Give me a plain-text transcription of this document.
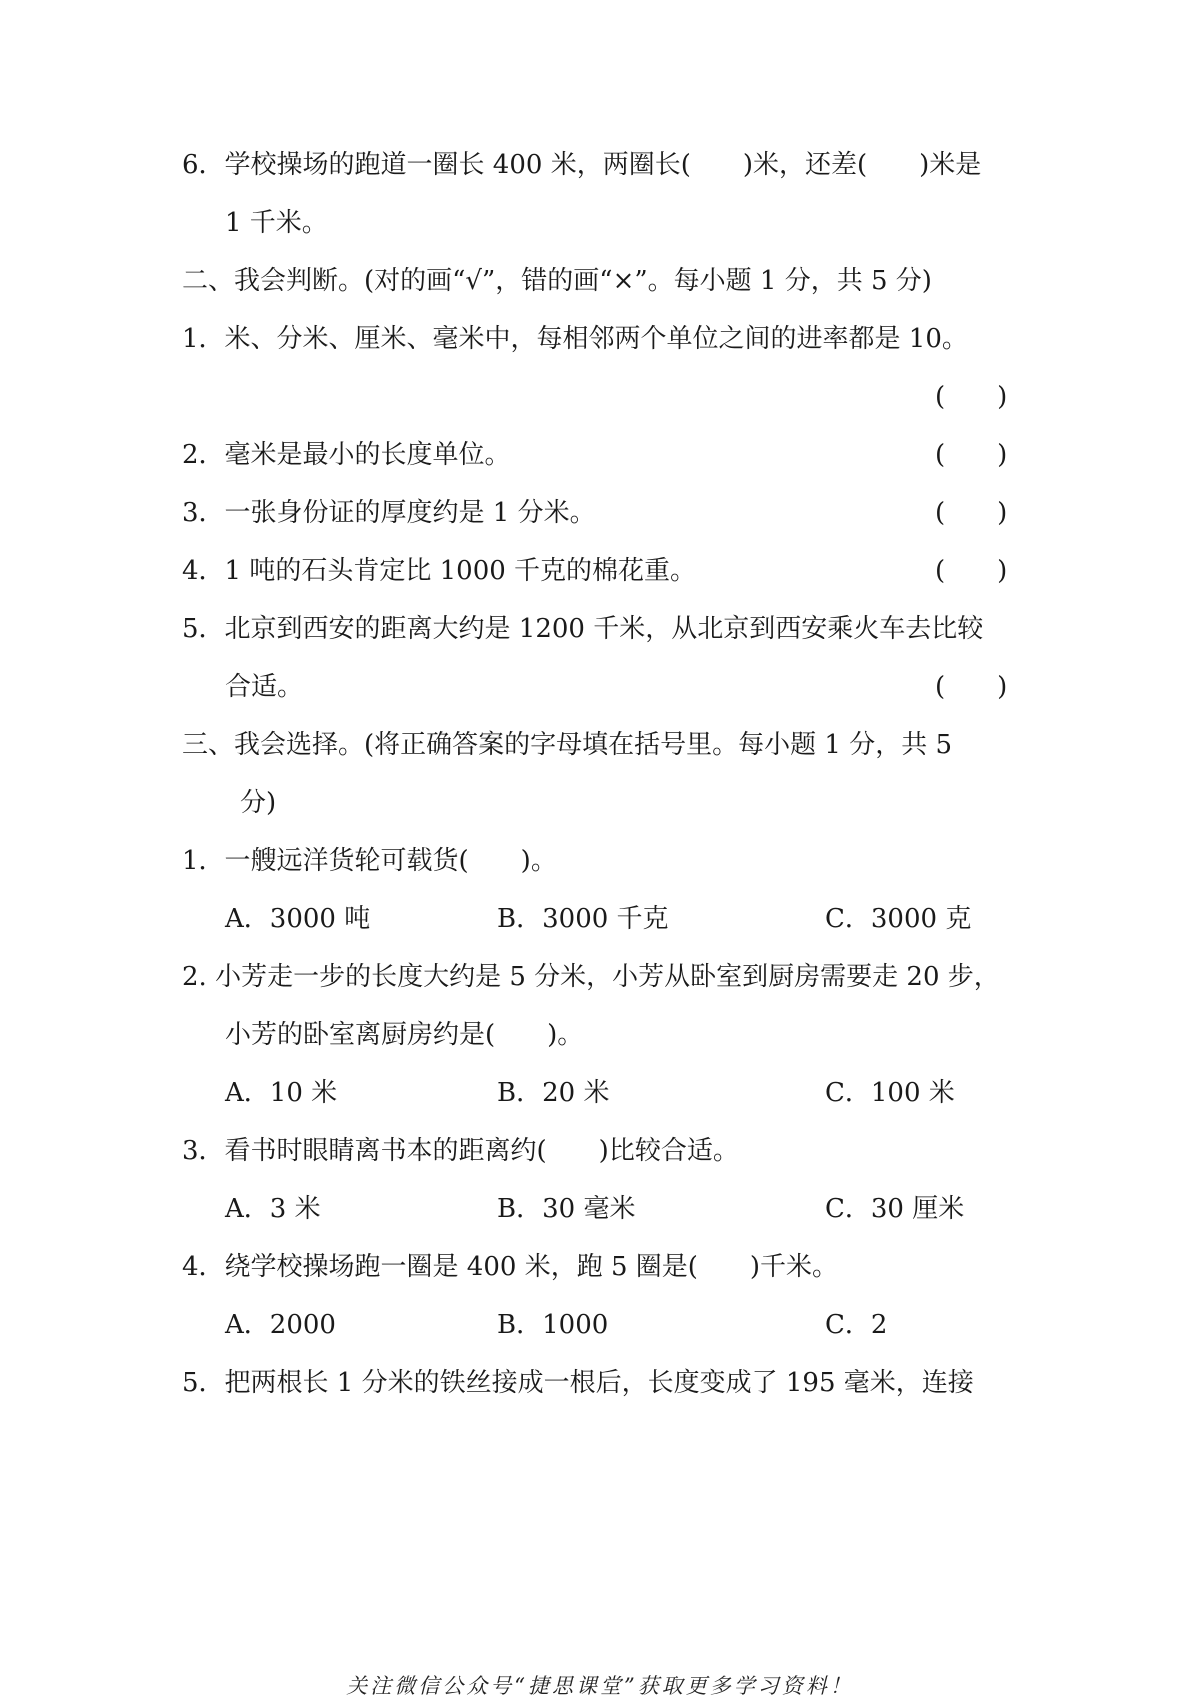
6．学校操场的跑道一圈长 400 米，两圈长(　　)米，还差(　　)米是
1 千米。
二、我会判断。(对的画“√”，错的画“×”。每小题 1 分，共 5 分)
1．米、分米、厘米、毫米中，每相邻两个单位之间的进率都是 10。
(　　)
2．毫米是最小的长度单位。	(　　)
3．一张身份证的厚度约是 1 分米。	(　　)
4．1 吨的石头肯定比 1000 千克的棉花重。	(　　)
5．北京到西安的距离大约是 1200 千米，从北京到西安乘火车去比较
合适。	(　　)
三、我会选择。(将正确答案的字母填在括号里。每小题 1 分，共 5
分)
1．一艘远洋货轮可载货(　　)。
A．3000 吨	B．3000 千克	C．3000 克
2. 小芳走一步的长度大约是 5 分米，小芳从卧室到厨房需要走 20 步，
小芳的卧室离厨房约是(　　)。
A．10 米	B．20 米	C．100 米
3．看书时眼睛离书本的距离约(　　)比较合适。
A．3 米	B．30 毫米	C．30 厘米
4．绕学校操场跑一圈是 400 米，跑 5 圈是(　　)千米。
A．2000	B．1000	C．2
5．把两根长 1 分米的铁丝接成一根后，长度变成了 195 毫米，连接
关注微信公众号“捷思课堂”获取更多学习资料！
